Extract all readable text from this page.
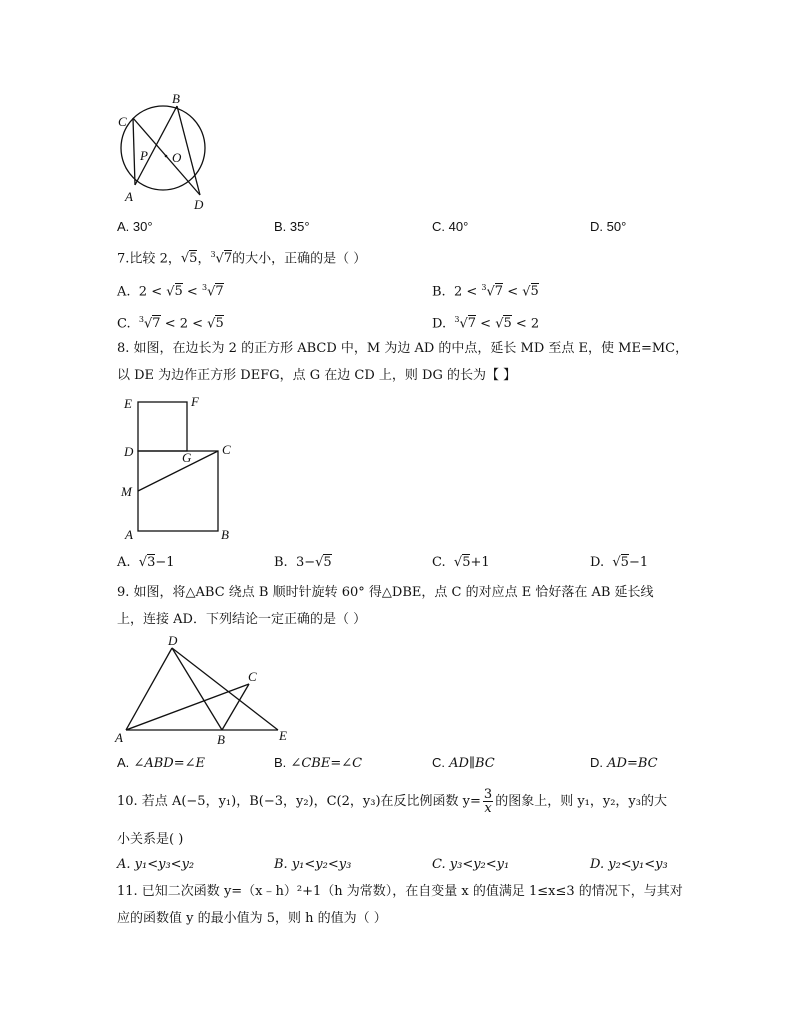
B
C
P O
A
D
A. 30°	B. 35°	C. 40°	D. 50°
7.比较 2，√5，$^3$√7的大小，正确的是（ ）
A.  2 < √5 < $^3$√7	B.  2 < $^3$√7 < √5
C. $^3$√7 < 2 < √5	D. $^3$√7 < √5 < 2
8. 如图，在边长为 2 的正方形 ABCD 中，M 为边 AD 的中点，延长 MD 至点 E，使 ME=MC，
以 DE 为边作正方形 DEFG，点 G 在边 CD 上，则 DG 的长为【 】
E	F
D	G
C
M
A	B
A.  √3−1	B. 3−√5	C.  √5+1	D.  √5−1
9. 如图，将△ABC 绕点 B 顺时针旋转 60° 得△DBE，点 C 的对应点 E 恰好落在 AB 延长线
上，连接 AD．下列结论一定正确的是（ ）
D
C
A	B	E
A. ∠ABD=∠E	B. ∠CBE=∠C	C. AD∥BC	D. AD=BC
10. 若点 A(−5，y₁)，B(−3，y₂)，C(2，y₃)在反比例函数 $y= \frac{3}{x}$ 的图象上，则 y₁，y₂，y₃的大
小关系是( )
A. y₁<y₃<y₂	B. y₁<y₂<y₃	C. y₃<y₂<y₁	D. y₂<y₁<y₃
11. 已知二次函数 y=（x﹣h）²+1（h 为常数），在自变量 x 的值满足 1≤x≤3 的情况下，与其对
应的函数值 y 的最小值为 5，则 h 的值为（ ）
